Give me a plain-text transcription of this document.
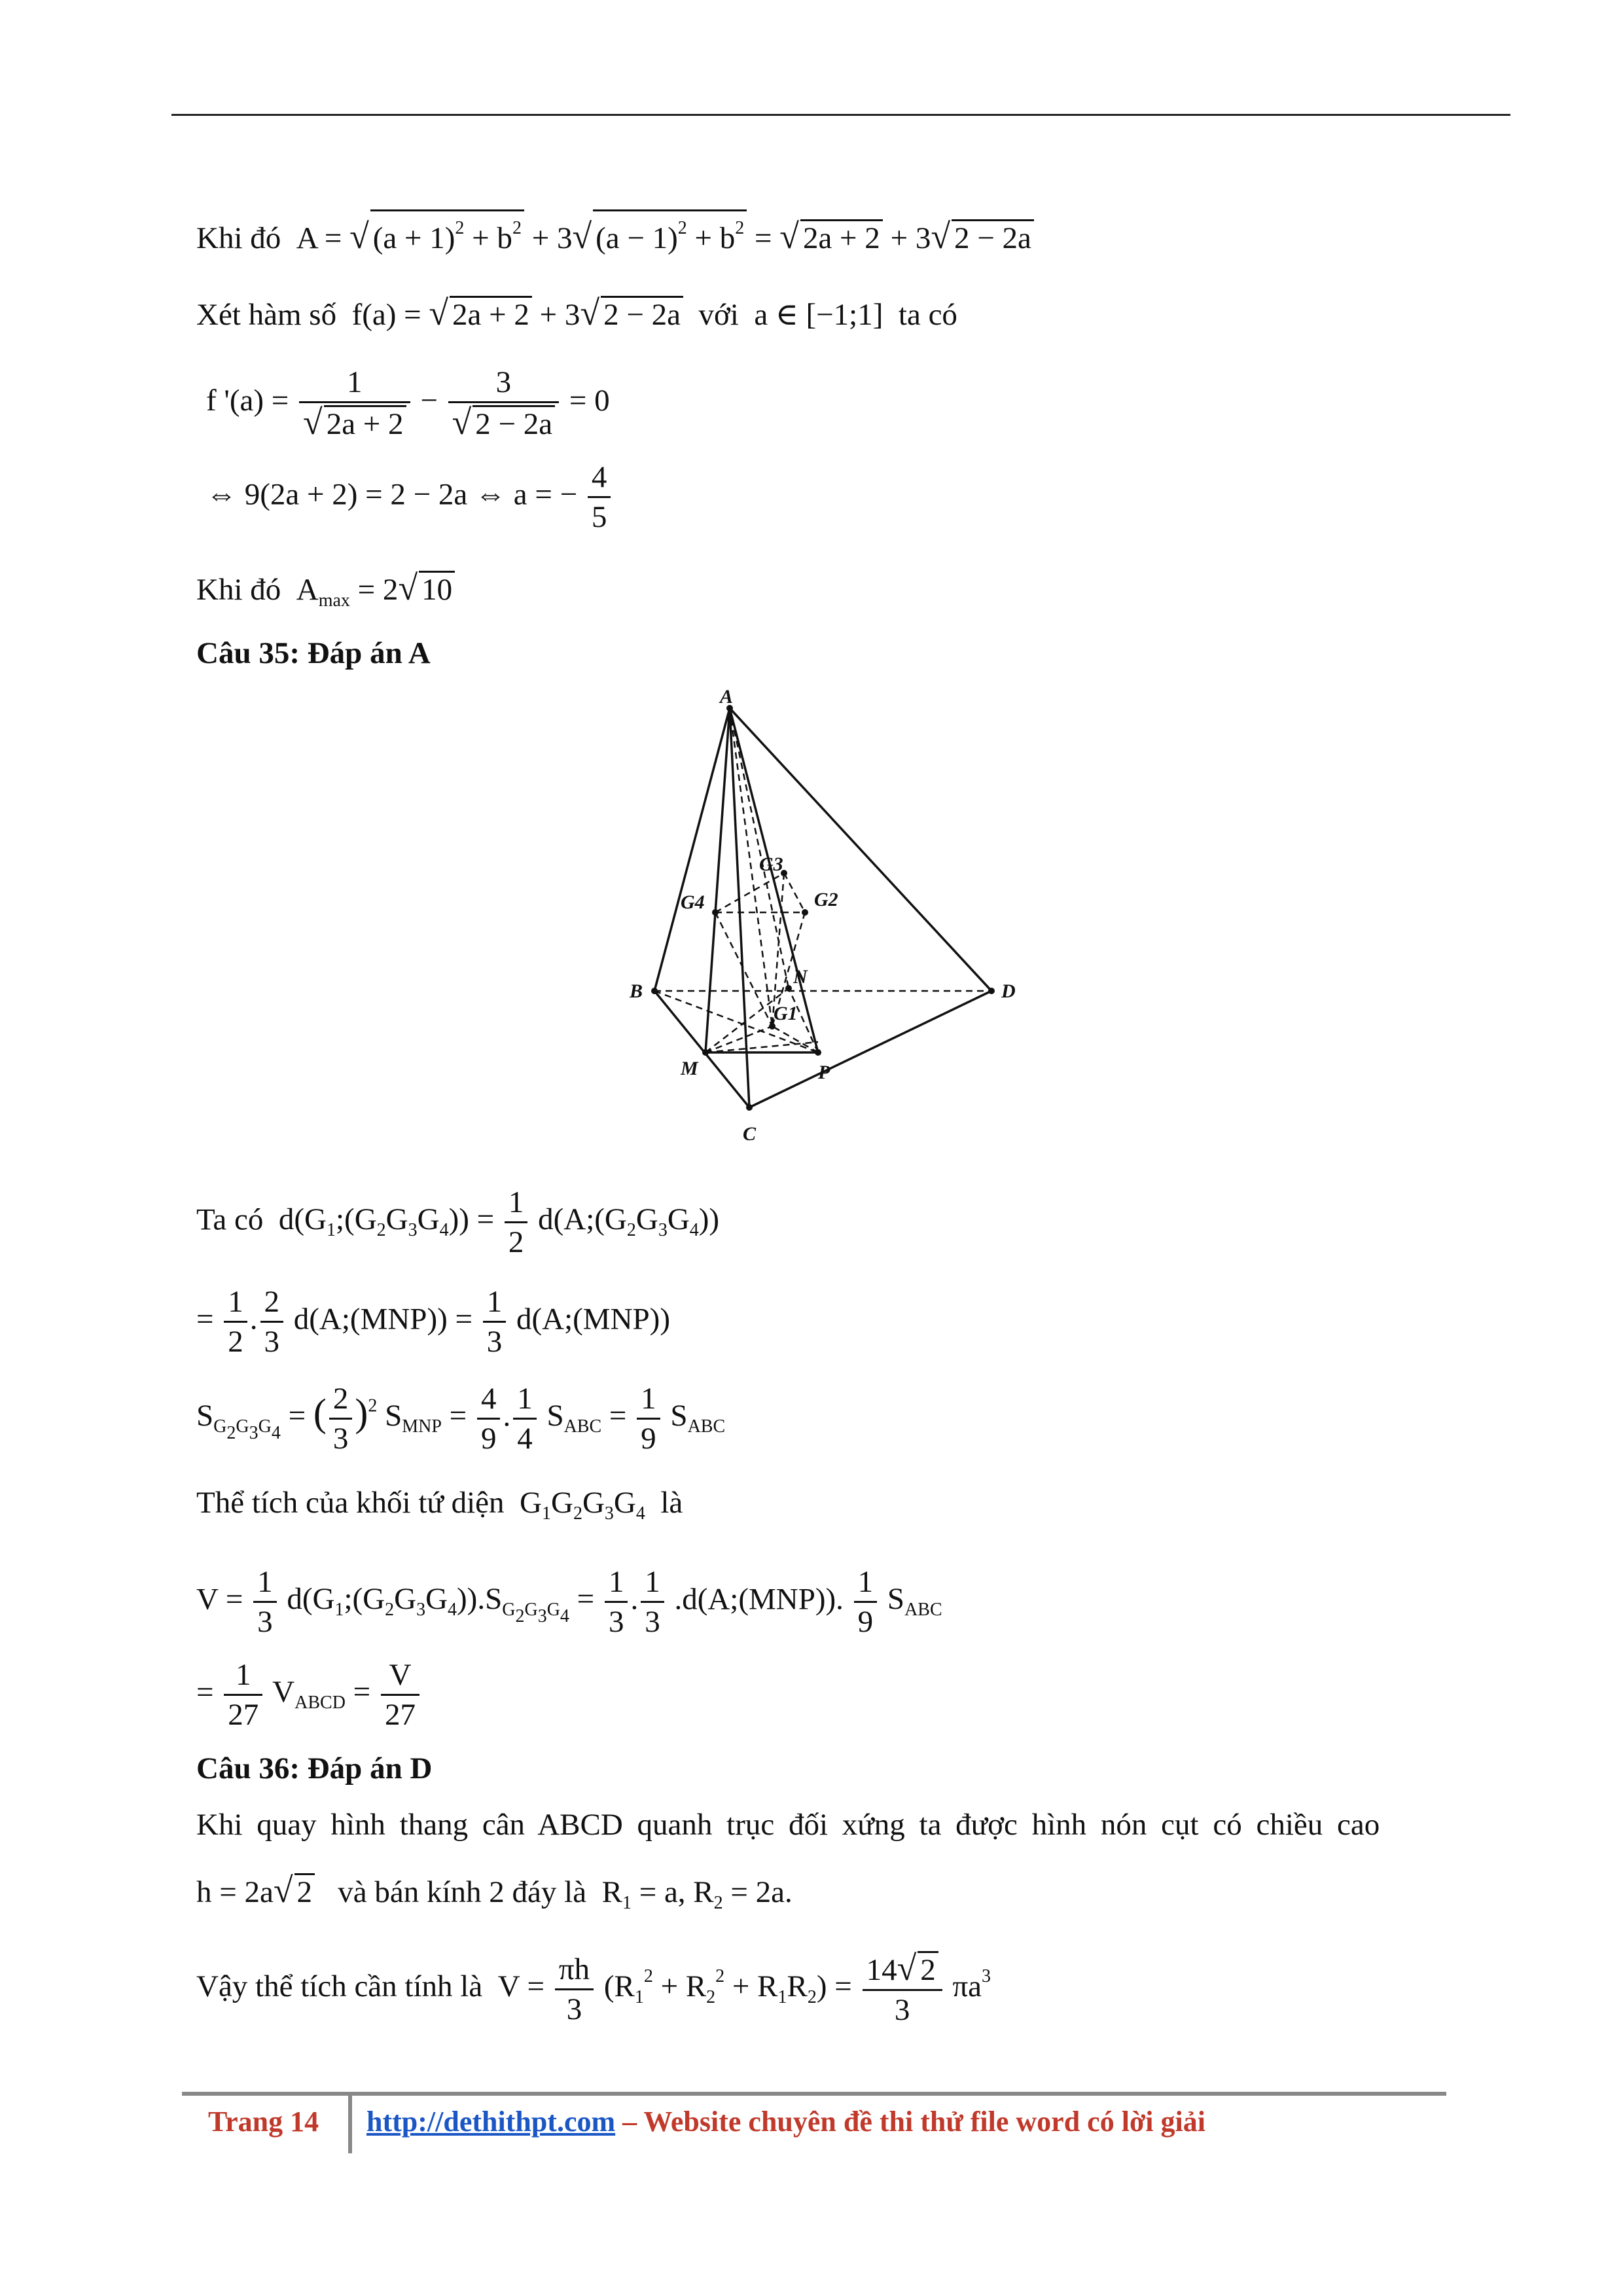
Khi đó  A = √ $(a + 1)^2 + b^2 + 3√$ $(a - 1)^2 + b^2$ = √ 2a + 2 + 3√ 2 − 2a
Xét hàm số  f(a) = √ 2a + 2 + 3√ 2 − 2a với  a ∈ [−1;1]  ta có
f '$(a) = \frac{1}{√ 2a + 2} - \frac{3}{√ 2 - 2a} = 0$
⇔ 9(2a + 2) = 2 − 2a ⇔ a = − $\frac{4}{5}$
Khi đó  $A_{max} = 2√$ 10
Câu 35: Đáp án A
A
B
C
D
M
N
P
G1
G2
G3
G4
Ta có  $d(G_1;(G_2G_3G_4)) = \frac{1}{2}$ $d(A;(G_2G_3G_4))$
= $\frac{1}{2}$ . $\frac{2}{3}$ d(A;(MNP)) = $\frac{1}{3}$ d(A;(MNP))
$S_{G_2G_3G_4}$ = ( $\frac{2}{3} )^2$ $S_{MNP} = \frac{4}{9}$ . $\frac{1}{4} S_{ABC} = \frac{1}{9} S_{ABC}$
Thể tích của khối tứ diện  $G_1G_2G_3G_4$ là
$V = \frac{1}{3}$ $d(G_1;(G_2G_3G_4)).S_{G_2G_3G_4} = \frac{1}{3}$ . $\frac{1}{3}$ .d(A;(MNP)). $\frac{1}{9} S_{ABC}$
= $\frac{1}{27} V_{ABCD} = \frac{V}{27}$
Câu 36: Đáp án D
Khi quay hình thang cân ABCD quanh trục đối xứng ta được hình nón cụt có chiều cao
h = 2a√ 2 và bán kính 2 đáy là  $R_1 = a$, $R_2 = 2a$.
Vậy thể tích cần tính là  $V = \frac{\pi h}{3} (R_1^2 + R_2^2 + R_1R_2) = \frac{14√ 2}{3} \pi a^3$
Trang 14 http://dethithpt.com – Website chuyên đề thi thử file word có lời giải
